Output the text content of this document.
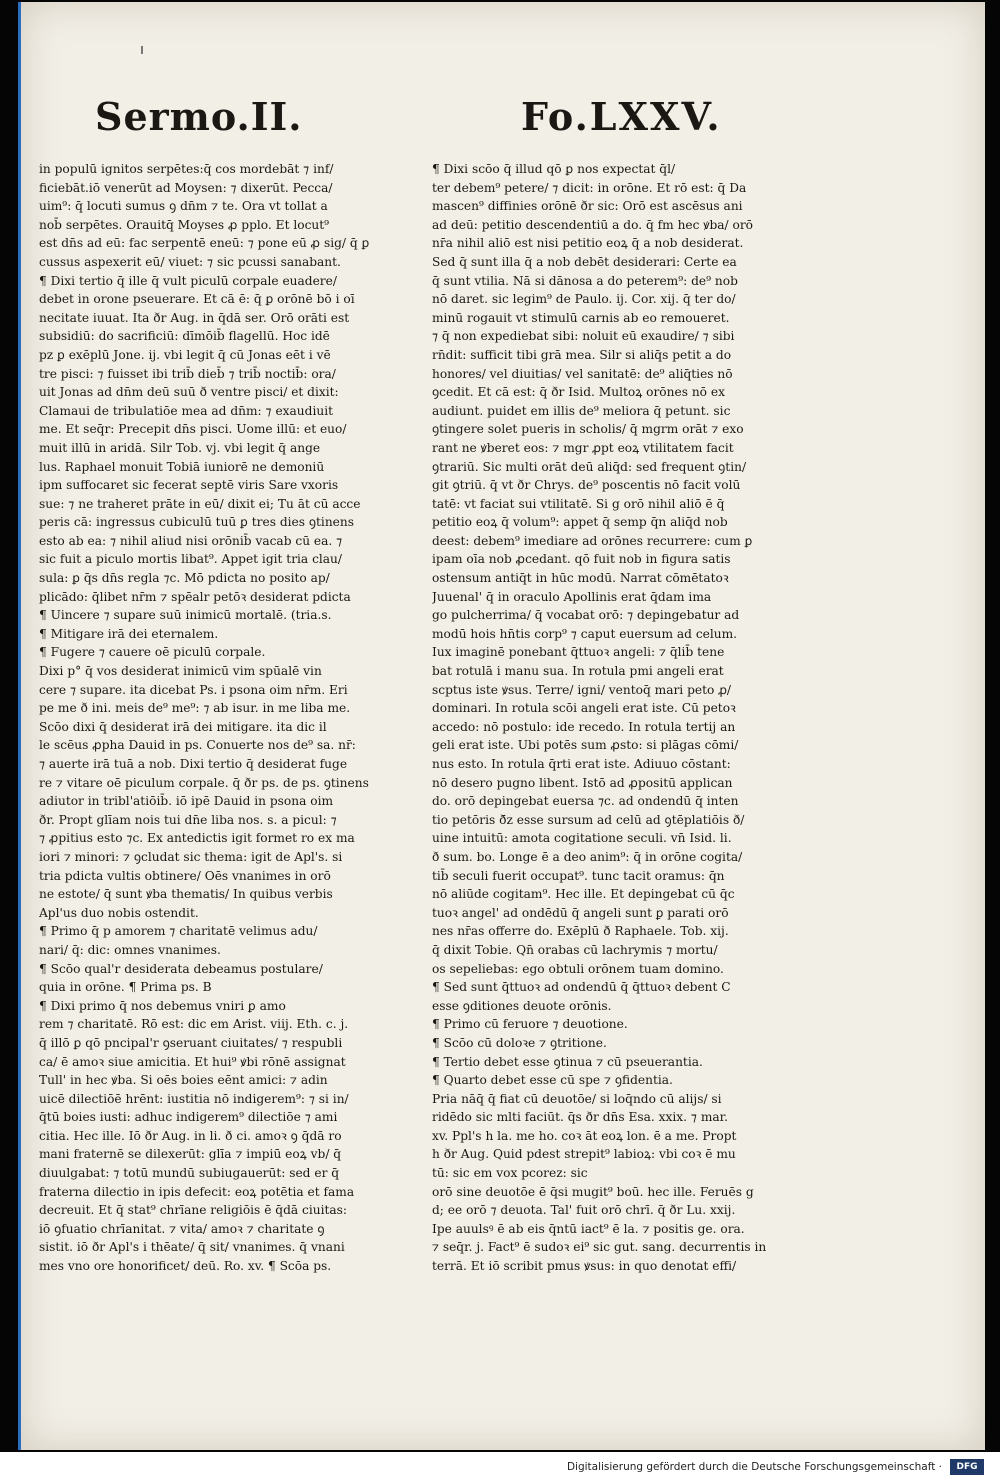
Sermo.II.	Fo.LXXV.
in populū ignitos serpētes:q̄ cos mordebāt ⁊ inf/
ficiebāt.iō venerūt ad Moysen: ⁊ dixerūt. Pecca/
uim⁹: q̄ locuti sumus ꝯ dn̄m ⁊ te. Ora vt tollat a
nob̄ serpētes. Orauitq̄ Moyses ꝓ pplo. Et locut⁹
est dn̄s ad eū: fac serpentē eneū: ⁊ pone eū ꝓ sig/ q̄ ꝑ
cussus aspexerit eū/ viuet: ⁊ sic pcussi sanabant.
¶ Dixi tertio q̄ ille q̄ vult piculū corpale euadere/
debet in orone pseuerare. Et cā ē: q̄ ꝑ orōnē bō i oī
necitate iuuat. Ita ðr Aug. in q̄dā ser. Orō orāti est
subsidiū: do sacrificiū: dīmōib̄ flagellū. Hoc idē
pz ꝑ exēplū Jone. ij. vbi legit q̄ cū Jonas eēt i vē
tre pisci: ⁊ fuisset ibi trib̄ dieb̄ ⁊ trib̄ noctib̄: ora/
uit Jonas ad dn̄m deū suū ð ventre pisci/ et dixit:
Clamaui de tribulatiōe mea ad dn̄m: ⁊ exaudiuit
me. Et seq̄r: Precepit dn̄s pisci. Uome illū: et euo/
muit illū in aridā. Silr Tob. vj. vbi legit q̄ ange
lus. Raphael monuit Tobiā iuniorē ne demoniū
ipm suffocaret sic fecerat septē viris Sare vxoris
sue: ⁊ ne traheret prāte in eū/ dixit ei; Tu āt cū acce
peris cā: ingressus cubiculū tuū ꝑ tres dies ꝯtinens
esto ab ea: ⁊ nihil aliud nisi orōnib̄ vacab cū ea. ⁊
sic fuit a piculo mortis libat⁹. Appet igit tria clau/
sula: ꝑ q̄s dn̄s regla ⁊c. Mō pdicta no posito ap/
plicādo: q̄libet nr̄m ⁊ spēalr petōꝛ desiderat pdicta
¶ Uincere ⁊ supare suū inimicū mortalē. (tria.s.
¶ Mitigare irā dei eternalem.
¶ Fugere ⁊ cauere oē piculū corpale.
Dixi p° q̄ vos desiderat inimicū vim spūalē vin
cere ⁊ supare. ita dicebat Ps. i psona oim nr̄m. Eri
pe me ð ini. meis de⁹ me⁹: ⁊ ab isur. in me liba me.
Scōo dixi q̄ desiderat irā dei mitigare. ita dic il
le scēus ꝓpha Dauid in ps. Conuerte nos de⁹ sa. nr̄:
⁊ auerte irā tuā a nob. Dixi tertio q̄ desiderat fuge
re ⁊ vitare oē piculum corpale. q̄ ðr ps. de ps. ꝯtinens
adiutor in tribl'atiōib̄. iō ipē Dauid in psona oim
ðr. Propt glīam nois tui dn̄e liba nos. s. a picul: ⁊
⁊ ꝓpitius esto ⁊c. Ex antedictis igit formet ro ex ma
iori ⁊ minori: ⁊ ꝯcludat sic thema: igit de Apl's. si
tria pdicta vultis obtinere/ Oēs vnanimes in orō
ne estote/ q̄ sunt ꝟba thematis/ In quibus verbis
Apl'us duo nobis ostendit.
¶ Primo q̄ p amorem ⁊ charitatē velimus adu/
nari/ q̄: dic: omnes vnanimes.
¶ Scōo qual'r desiderata debeamus postulare/
quia in orōne. ¶ Prima ps. B
¶ Dixi primo q̄ nos debemus vniri ꝑ amo
rem ⁊ charitatē. Rō est: dic em Arist. viij. Eth. c. j.
q̄ illō ꝑ qō pncipal'r ꝯseruant ciuitates/ ⁊ respubli
ca/ ē amoꝛ siue amicitia. Et hui⁹ ꝟbi rōnē assignat
Tull' in hec ꝟba. Si oēs boies eēnt amici: ⁊ adin
uicē dilectiōē hrēnt: iustitia nō indigerem⁹: ⁊ si in/
q̄tū boies iusti: adhuc indigerem⁹ dilectiōe ⁊ ami
citia. Hec ille. Iō ðr Aug. in li. ð ci. amoꝛ ꝯ q̄dā ro
mani fraternē se dilexerūt: glīa ⁊ impiū eoꝝ vb/ q̄
diuulgabat: ⁊ totū mundū subiugauerūt: sed er q̄
fraterna dilectio in ipis defecit: eoꝝ potētia et fama
decreuit. Et q̄ stat⁹ chrīane religiōis ē q̄dā ciuitas:
iō ꝯfuatio chrīanitat. ⁊ vita/ amoꝛ ⁊ charitate ꝯ
sistit. iō ðr Apl's i thēate/ q̄ sit/ vnanimes. q̄ vnani
mes vno ore honorificet/ deū. Ro. xv. ¶ Scōa ps.
¶ Dixi scōo q̄ illud qō ꝑ nos expectat q̄l/
ter debem⁹ petere/ ⁊ dicit: in orōne. Et rō est: q̄ Da
mascen⁹ diffinies orōnē ðr sic: Orō est ascēsus ani
ad deū: petitio descendentiū a do. q̄ fm hec ꝟba/ orō
nr̄a nihil aliō est nisi petitio eoꝝ q̄ a nob desiderat.
Sed q̄ sunt illa q̄ a nob debēt desiderari: Certe ea
q̄ sunt vtilia. Nā si dānosa a do peterem⁹: de⁹ nob
nō daret. sic legim⁹ de Paulo. ij. Cor. xij. q̄ ter do/
minū rogauit vt stimulū carnis ab eo remoueret.
⁊ q̄ non expediebat sibi: noluit eū exaudire/ ⁊ sibi
rn̄dit: sufficit tibi grā mea. Silr si aliq̄s petit a do
honores/ vel diuitias/ vel sanitatē: de⁹ aliq̄ties nō
ꝯcedit. Et cā est: q̄ ðr Isid. Multoꝝ orōnes nō ex
audiunt. puidet em illis de⁹ meliora q̄ petunt. sic
ꝯtingere solet pueris in scholis/ q̄ mgrm orāt ⁊ exo
rant ne ꝟberet eos: ⁊ mgr ꝓpt eoꝝ vtilitatem facit
ꝯtrariū. Sic multi orāt deū aliq̄d: sed frequent ꝯtin/
git ꝯtriū. q̄ vt ðr Chrys. de⁹ poscentis nō facit volū
tatē: vt faciat sui vtilitatē. Si g orō nihil aliō ē q̄
petitio eoꝝ q̄ volum⁹: appet q̄ semp q̄n aliq̄d nob
deest: debem⁹ imediare ad orōnes recurrere: cum ꝑ
ipam oīa nob ꝓcedant. qō fuit nob in figura satis
ostensum antiq̄t in hūc modū. Narrat cōmētatoꝛ
Juuenal' q̄ in oraculo Apollinis erat q̄dam ima
go pulcherrima/ q̄ vocabat orō: ⁊ depingebatur ad
modū hois hn̄tis corp⁹ ⁊ caput euersum ad celum.
Iux imaginē ponebant q̄ttuoꝛ angeli: ⁊ q̄lib̄ tene
bat rotulā i manu sua. In rotula pmi angeli erat
scptus iste ꝟsus. Terre/ igni/ ventoq̄ mari peto ꝓ/
dominari. In rotula scōi angeli erat iste. Cū petoꝛ
accedo: nō postulo: ide recedo. In rotula tertij an
geli erat iste. Ubi potēs sum ꝓsto: si plāgas cōmi/
nus esto. In rotula q̄rti erat iste. Adiuuo cōstant:
nō desero pugno libent. Istō ad ꝓpositū applican
do. orō depingebat euersa ⁊c. ad ondendū q̄ inten
tio petōris ð̄z esse sursum ad celū ad ꝯtēplatiōis ð/
uine intuitū: amota cogitatione seculi. vn̄ Isid. li.
ð sum. bo. Longe ē a deo anim⁹: q̄ in orōne cogita/
tib̄ seculi fuerit occupat⁹. tunc tacit oramus: q̄n
nō aliūde cogitam⁹. Hec ille. Et depingebat cū q̄c
tuoꝛ angel' ad ondēdū q̄ angeli sunt ꝑ parati orō
nes nr̄as offerre do. Exēplū ð Raphaele. Tob. xij.
q̄ dixit Tobie. Qn̄ orabas cū lachrymis ⁊ mortu/
os sepeliebas: ego obtuli orōnem tuam domino.
¶ Sed sunt q̄ttuoꝛ ad ondendū q̄ q̄ttuoꝛ debent C
esse ꝯditiones deuote orōnis.
¶ Primo cū feruore ⁊ deuotione.
¶ Scōo cū doloꝛe ⁊ ꝯtritione.
¶ Tertio debet esse ꝯtinua ⁊ cū pseuerantia.
¶ Quarto debet esse cū spe ⁊ ꝯfidentia.
Pria nāq̄ q̄ fiat cū deuotōe/ si loq̄ndo cū alijs/ si
ridēdo sic mlti faciūt. q̄s ðr dn̄s Esa. xxix. ⁊ mar.
xv. Ppl's h la. me ho. coꝛ āt eoꝝ lon. ē a me. Propt
h ðr Aug. Quid pdest strepit⁹ labioꝝ: vbi coꝛ ē mu
tū: sic em vox pcorez: sic
orō sine deuotōe ē q̄si mugit⁹ boū. hec ille. Feruēs g
d; ee orō ⁊ deuota. Tal' fuit orō chrī. q̄ ðr Lu. xxij.
Ipe auulsꝰ ē ab eis q̄ntū iact⁹ ē la. ⁊ positis ge. ora.
⁊ seq̄r. j. Fact⁹ ē sudoꝛ ei⁹ sic gut. sang. decurrentis in
terrā. Et iō scribit pmus ꝟsus: in quo denotat effi/
Digitalisierung gefördert durch die Deutsche Forschungsgemeinschaft ·	DFG
